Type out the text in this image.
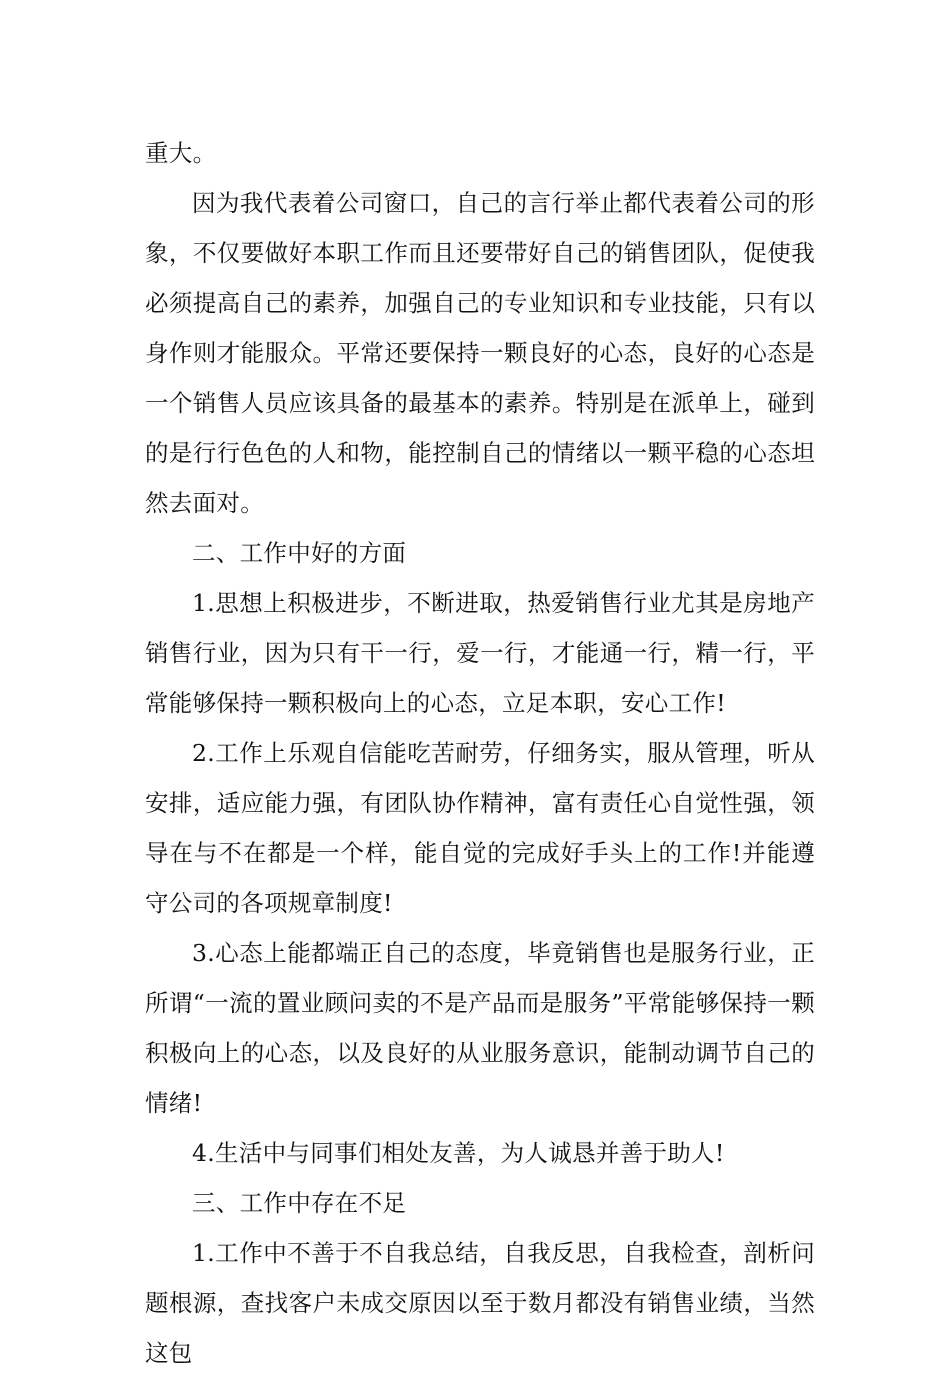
重大。

因为我代表着公司窗口，自己的言行举止都代表着公司的形象，不仅要做好本职工作而且还要带好自己的销售团队，促使我必须提高自己的素养，加强自己的专业知识和专业技能，只有以身作则才能服众。平常还要保持一颗良好的心态，良好的心态是一个销售人员应该具备的最基本的素养。特别是在派单上，碰到的是行行色色的人和物，能控制自己的情绪以一颗平稳的心态坦然去面对。

二、工作中好的方面

1.思想上积极进步，不断进取，热爱销售行业尤其是房地产销售行业，因为只有干一行，爱一行，才能通一行，精一行，平常能够保持一颗积极向上的心态，立足本职，安心工作!

2.工作上乐观自信能吃苦耐劳，仔细务实，服从管理，听从安排，适应能力强，有团队协作精神，富有责任心自觉性强，领导在与不在都是一个样，能自觉的完成好手头上的工作!并能遵守公司的各项规章制度!

3.心态上能都端正自己的态度，毕竟销售也是服务行业，正所谓“一流的置业顾问卖的不是产品而是服务”平常能够保持一颗积极向上的心态，以及良好的从业服务意识，能制动调节自己的情绪!

4.生活中与同事们相处友善，为人诚恳并善于助人!

三、工作中存在不足

1.工作中不善于不自我总结，自我反思，自我检查，剖析问题根源，查找客户未成交原因以至于数月都没有销售业绩，当然这包
